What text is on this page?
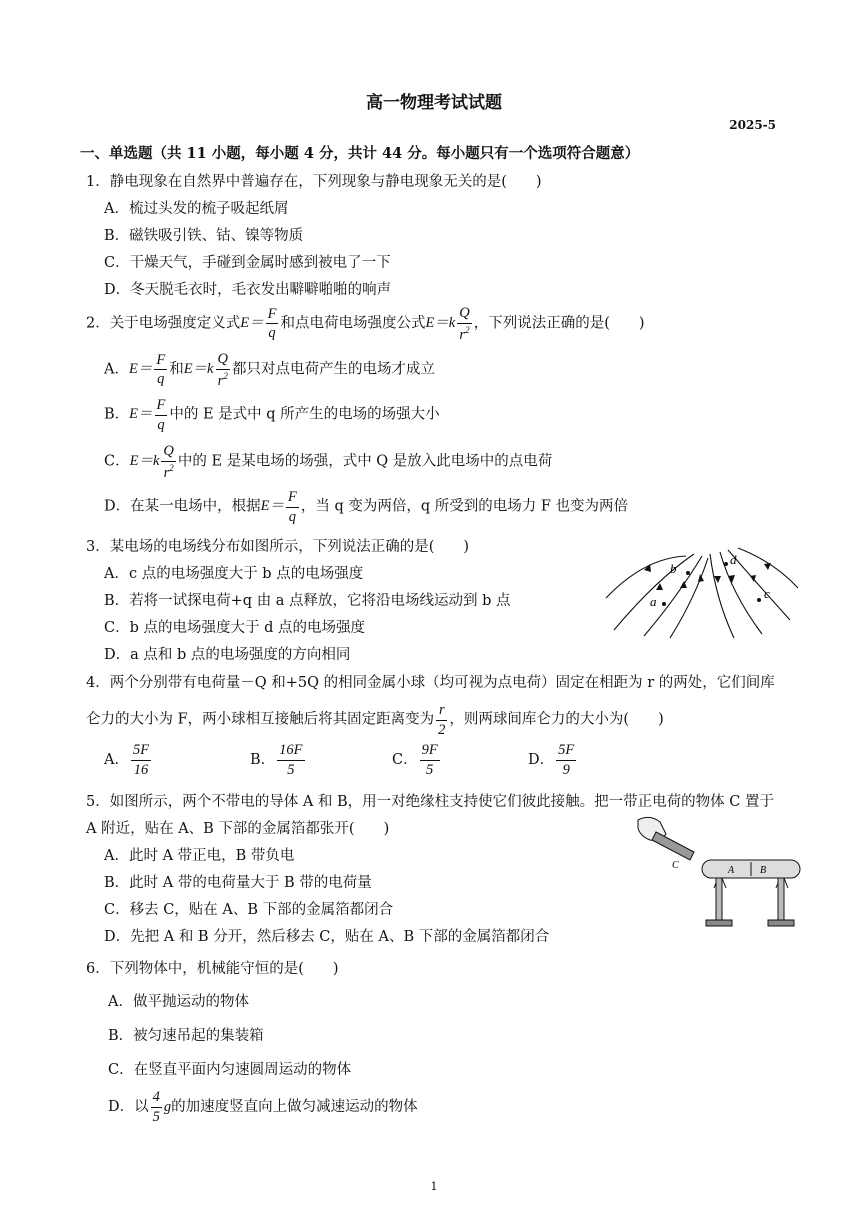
高一物理考试试题
2025-5
一、单选题（共 11 小题，每小题 4 分，共计 44 分。每小题只有一个选项符合题意）
1．静电现象在自然界中普遍存在，下列现象与静电现象无关的是(　　)
A．梳过头发的梳子吸起纸屑
B．磁铁吸引铁、钴、镍等物质
C．干燥天气，手碰到金属时感到被电了一下
D．冬天脱毛衣时，毛衣发出噼噼啪啪的响声
2．关于电场强度定义式$E= \frac{F}{q}$ 和点电荷电场强度公式$E=k \frac{Q}{r^2}$ ，下列说法正确的是(　　)
A．$E= \frac{F}{q}$ 和$E=k \frac{Q}{r^2}$ 都只对点电荷产生的电场才成立
B．$E= \frac{F}{q}$ 中的 E 是式中 q 所产生的电场的场强大小
C．$E=k \frac{Q}{r^2}$ 中的 E 是某电场的场强，式中 Q 是放入此电场中的点电荷
D．在某一电场中，根据$E= \frac{F}{q}$ ，当 q 变为两倍，q 所受到的电场力 F 也变为两倍
3．某电场的电场线分布如图所示，下列说法正确的是(　　)
A．c 点的电场强度大于 b 点的电场强度
B．若将一试探电荷+q 由 a 点释放，它将沿电场线运动到 b 点
C．b 点的电场强度大于 d 点的电场强度
D．a 点和 b 点的电场强度的方向相同
a
b
c
d
4．两个分别带有电荷量－Q 和+5Q 的相同金属小球（均可视为点电荷）固定在相距为 r 的两处，它们间库
仑力的大小为 F，两小球相互接触后将其固定距离变为 $\frac{r}{2}$ ，则两球间库仑力的大小为(　　)
A． $\frac{5F}{16}$	B． $\frac{16F}{5}$	C． $\frac{9F}{5}$	D． $\frac{5F}{9}$
5．如图所示，两个不带电的导体 A 和 B，用一对绝缘柱支持使它们彼此接触。把一带正电荷的物体 C 置于
A 附近，贴在 A、B 下部的金属箔都张开(　　)
A．此时 A 带正电，B 带负电
B．此时 A 带的电荷量大于 B 带的电荷量
C．移去 C，贴在 A、B 下部的金属箔都闭合
D．先把 A 和 B 分开，然后移去 C，贴在 A、B 下部的金属箔都闭合
C	A	B
6．下列物体中，机械能守恒的是(　　)
A．做平抛运动的物体
B．被匀速吊起的集装箱
C．在竖直平面内匀速圆周运动的物体
D．以 $\frac{4}{5}$ g的加速度竖直向上做匀减速运动的物体
1
